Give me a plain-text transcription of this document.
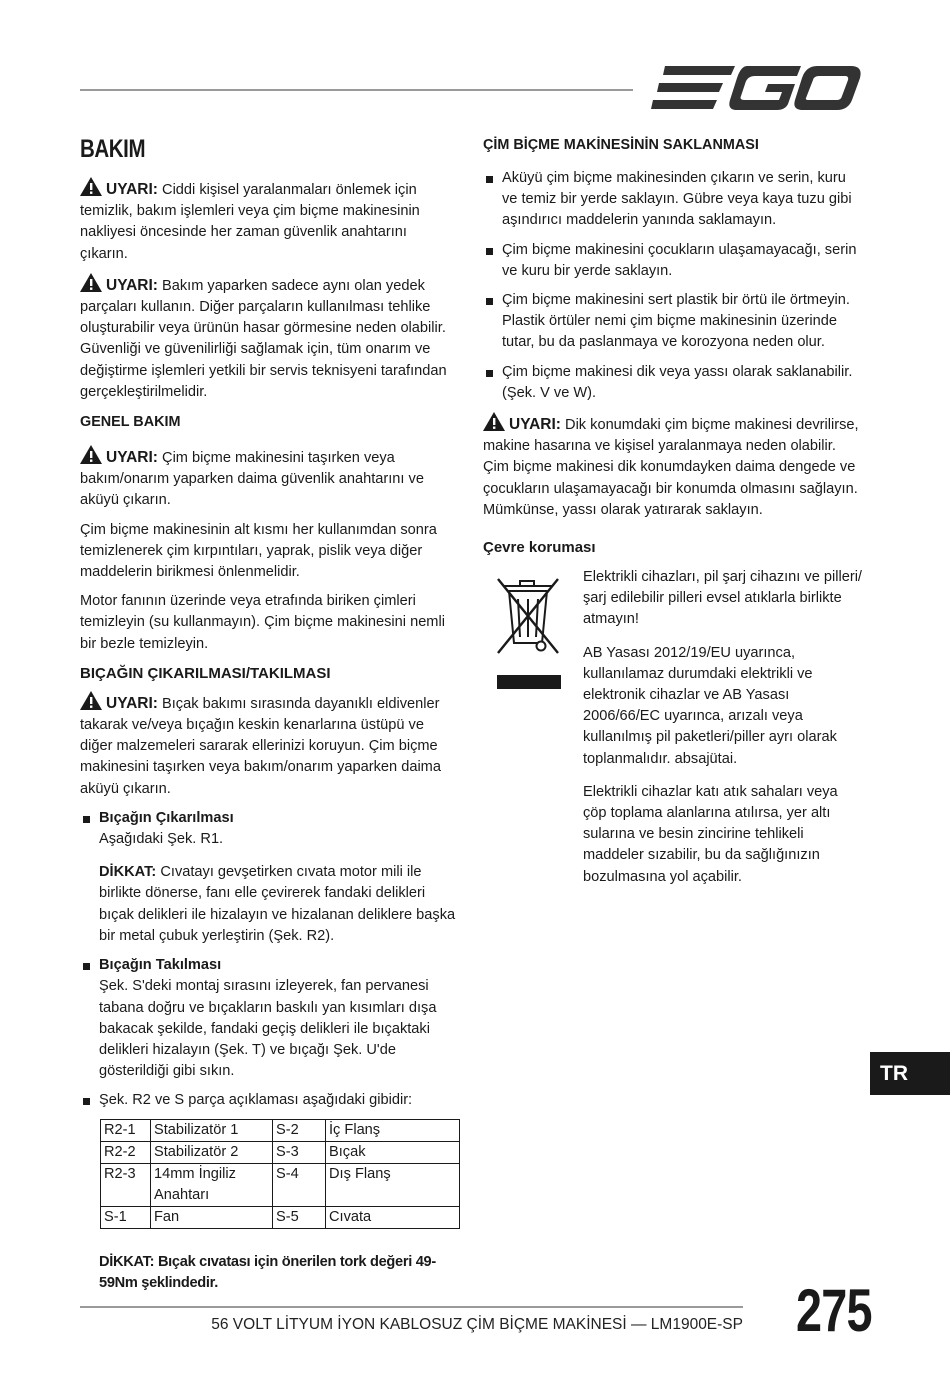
BAKIM

UYARI: Ciddi kişisel yaralanmaları önlemek için temizlik, bakım işlemleri veya çim biçme makinesinin nakliyesi öncesinde her zaman güvenlik anahtarını çıkarın.

UYARI: Bakım yaparken sadece aynı olan yedek parçaları kullanın. Diğer parçaların kullanılması tehlike oluşturabilir veya ürünün hasar görmesine neden olabilir. Güvenliği ve güvenilirliği sağlamak için, tüm onarım ve değiştirme işlemleri yetkili bir servis teknisyeni tarafından gerçekleştirilmelidir.

GENEL BAKIM

UYARI: Çim biçme makinesini taşırken veya bakım/onarım yaparken daima güvenlik anahtarını ve aküyü çıkarın.

Çim biçme makinesinin alt kısmı her kullanımdan sonra temizlenerek çim kırpıntıları, yaprak, pislik veya diğer maddelerin birikmesi önlenmelidir.

Motor fanının üzerinde veya etrafında biriken çimleri temizleyin (su kullanmayın). Çim biçme makinesini nemli bir bezle temizleyin.

BIÇAĞIN ÇIKARILMASI/TAKILMASI

UYARI: Bıçak bakımı sırasında dayanıklı eldivenler takarak ve/veya bıçağın keskin kenarlarına üstüpü ve diğer malzemeleri sararak ellerinizi koruyun. Çim biçme makinesini taşırken veya bakım/onarım yaparken daima aküyü çıkarın.

Bıçağın Çıkarılması

Aşağıdaki Şek. R1.

DİKKAT: Cıvatayı gevşetirken cıvata motor mili ile birlikte dönerse, fanı elle çevirerek fandaki delikleri bıçak delikleri ile hizalayın ve hizalanan deliklere başka bir metal çubuk yerleştirin (Şek. R2).

Bıçağın Takılması

Şek. S'deki montaj sırasını izleyerek, fan pervanesi tabana doğru ve bıçakların baskılı yan kısımları dışa bakacak şekilde, fandaki geçiş delikleri ile bıçaktaki delikleri hizalayın (Şek. T) ve bıçağı Şek. U'de gösterildiği gibi sıkın.

Şek. R2 ve S parça açıklaması aşağıdaki gibidir:

R2-1	Stabilizatör 1	S-2	İç Flanş
R2-2	Stabilizatör 2	S-3	Bıçak
R2-3	14mm İngiliz Anahtarı	S-4	Dış Flanş
S-1	Fan	S-5	Cıvata

DİKKAT: Bıçak cıvatası için önerilen tork değeri 49-59Nm şeklindedir.

ÇİM BİÇME MAKİNESİNİN SAKLANMASI

Aküyü çim biçme makinesinden çıkarın ve serin, kuru ve temiz bir yerde saklayın. Gübre veya kaya tuzu gibi aşındırıcı maddelerin yanında saklamayın.

Çim biçme makinesini çocukların ulaşamayacağı, serin ve kuru bir yerde saklayın.

Çim biçme makinesini sert plastik bir örtü ile örtmeyin. Plastik örtüler nemi çim biçme makinesinin üzerinde tutar, bu da paslanmaya ve korozyona neden olur.

Çim biçme makinesi dik veya yassı olarak saklanabilir. (Şek. V ve W).

UYARI: Dik konumdaki çim biçme makinesi devrilirse, makine hasarına ve kişisel yaralanmaya neden olabilir. Çim biçme makinesi dik konumdayken daima dengede ve çocukların ulaşamayacağı bir konumda olmasını sağlayın. Mümkünse, yassı olarak yatırarak saklayın.

Çevre koruması

Elektrikli cihazları, pil şarj cihazını ve pilleri/şarj edilebilir pilleri evsel atıklarla birlikte atmayın!

AB Yasası 2012/19/EU uyarınca, kullanılamaz durumdaki elektrikli ve elektronik cihazlar ve AB Yasası 2006/66/EC uyarınca, arızalı veya kullanılmış pil paketleri/piller ayrı olarak toplanmalıdır. absajütai.

Elektrikli cihazlar katı atık sahaları veya çöp toplama alanlarına atılırsa, yer altı sularına ve besin zincirine tehlikeli maddeler sızabilir, bu da sağlığınızın bozulmasına yol açabilir.

TR
56 VOLT LİTYUM İYON KABLOSUZ ÇİM BİÇME MAKİNESİ — LM1900E-SP 275
